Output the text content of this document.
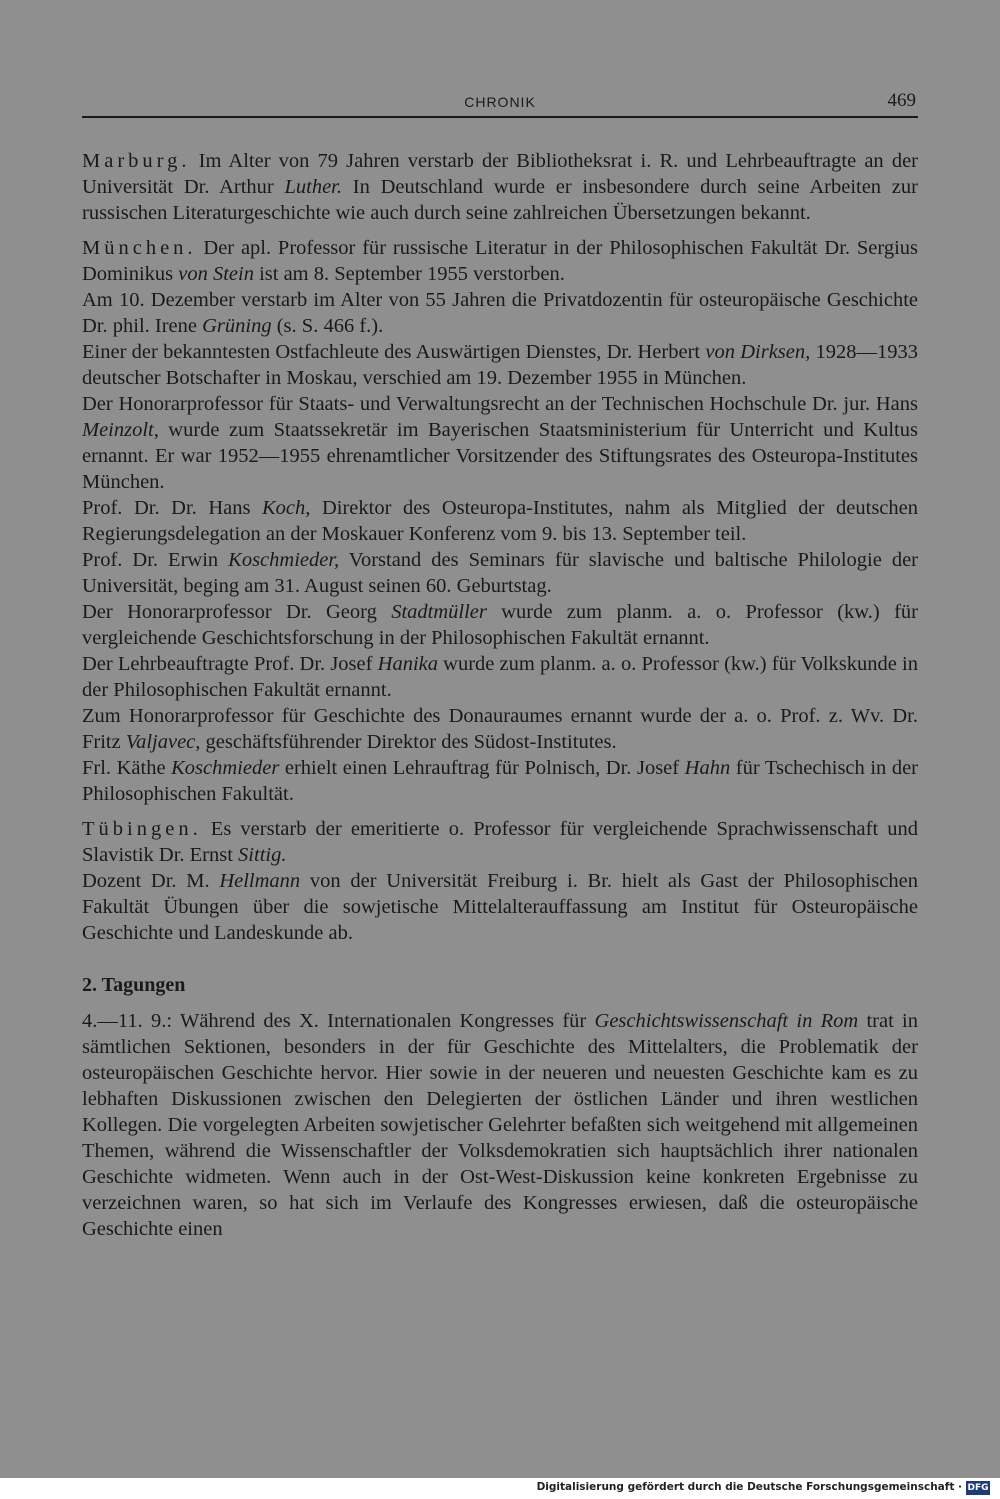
CHRONIK	469

Marburg. Im Alter von 79 Jahren verstarb der Bibliotheksrat i. R. und Lehrbeauftragte an der Universität Dr. Arthur Luther. In Deutschland wurde er insbesondere durch seine Arbeiten zur russischen Literaturgeschichte wie auch durch seine zahlreichen Übersetzungen bekannt.

München. Der apl. Professor für russische Literatur in der Philosophischen Fakultät Dr. Sergius Dominikus von Stein ist am 8. September 1955 verstorben.

Am 10. Dezember verstarb im Alter von 55 Jahren die Privatdozentin für osteuropäische Geschichte Dr. phil. Irene Grüning (s. S. 466 f.).

Einer der bekanntesten Ostfachleute des Auswärtigen Dienstes, Dr. Herbert von Dirksen, 1928—1933 deutscher Botschafter in Moskau, verschied am 19. Dezember 1955 in München.

Der Honorarprofessor für Staats- und Verwaltungsrecht an der Technischen Hochschule Dr. jur. Hans Meinzolt, wurde zum Staatssekretär im Bayerischen Staatsministerium für Unterricht und Kultus ernannt. Er war 1952—1955 ehrenamtlicher Vorsitzender des Stiftungsrates des Osteuropa-Institutes München.

Prof. Dr. Dr. Hans Koch, Direktor des Osteuropa-Institutes, nahm als Mitglied der deutschen Regierungsdelegation an der Moskauer Konferenz vom 9. bis 13. September teil.

Prof. Dr. Erwin Koschmieder, Vorstand des Seminars für slavische und baltische Philologie der Universität, beging am 31. August seinen 60. Geburtstag.

Der Honorarprofessor Dr. Georg Stadtmüller wurde zum planm. a. o. Professor (kw.) für vergleichende Geschichtsforschung in der Philosophischen Fakultät ernannt.

Der Lehrbeauftragte Prof. Dr. Josef Hanika wurde zum planm. a. o. Professor (kw.) für Volkskunde in der Philosophischen Fakultät ernannt.

Zum Honorarprofessor für Geschichte des Donauraumes ernannt wurde der a. o. Prof. z. Wv. Dr. Fritz Valjavec, geschäftsführender Direktor des Südost-Institutes.

Frl. Käthe Koschmieder erhielt einen Lehrauftrag für Polnisch, Dr. Josef Hahn für Tschechisch in der Philosophischen Fakultät.

Tübingen. Es verstarb der emeritierte o. Professor für vergleichende Sprachwissenschaft und Slavistik Dr. Ernst Sittig.

Dozent Dr. M. Hellmann von der Universität Freiburg i. Br. hielt als Gast der Philosophischen Fakultät Übungen über die sowjetische Mittelalterauffassung am Institut für Osteuropäische Geschichte und Landeskunde ab.

2. Tagungen

4.—11. 9.: Während des X. Internationalen Kongresses für Geschichtswissenschaft in Rom trat in sämtlichen Sektionen, besonders in der für Geschichte des Mittelalters, die Problematik der osteuropäischen Geschichte hervor. Hier sowie in der neueren und neuesten Geschichte kam es zu lebhaften Diskussionen zwischen den Delegierten der östlichen Länder und ihren westlichen Kollegen. Die vorgelegten Arbeiten sowjetischer Gelehrter befaßten sich weitgehend mit allgemeinen Themen, während die Wissenschaftler der Volksdemokratien sich hauptsächlich ihrer nationalen Geschichte widmeten. Wenn auch in der Ost-West-Diskussion keine konkreten Ergebnisse zu verzeichnen waren, so hat sich im Verlaufe des Kongresses erwiesen, daß die osteuropäische Geschichte einen

Digitalisierung gefördert durch die Deutsche Forschungsgemeinschaft · DFG
